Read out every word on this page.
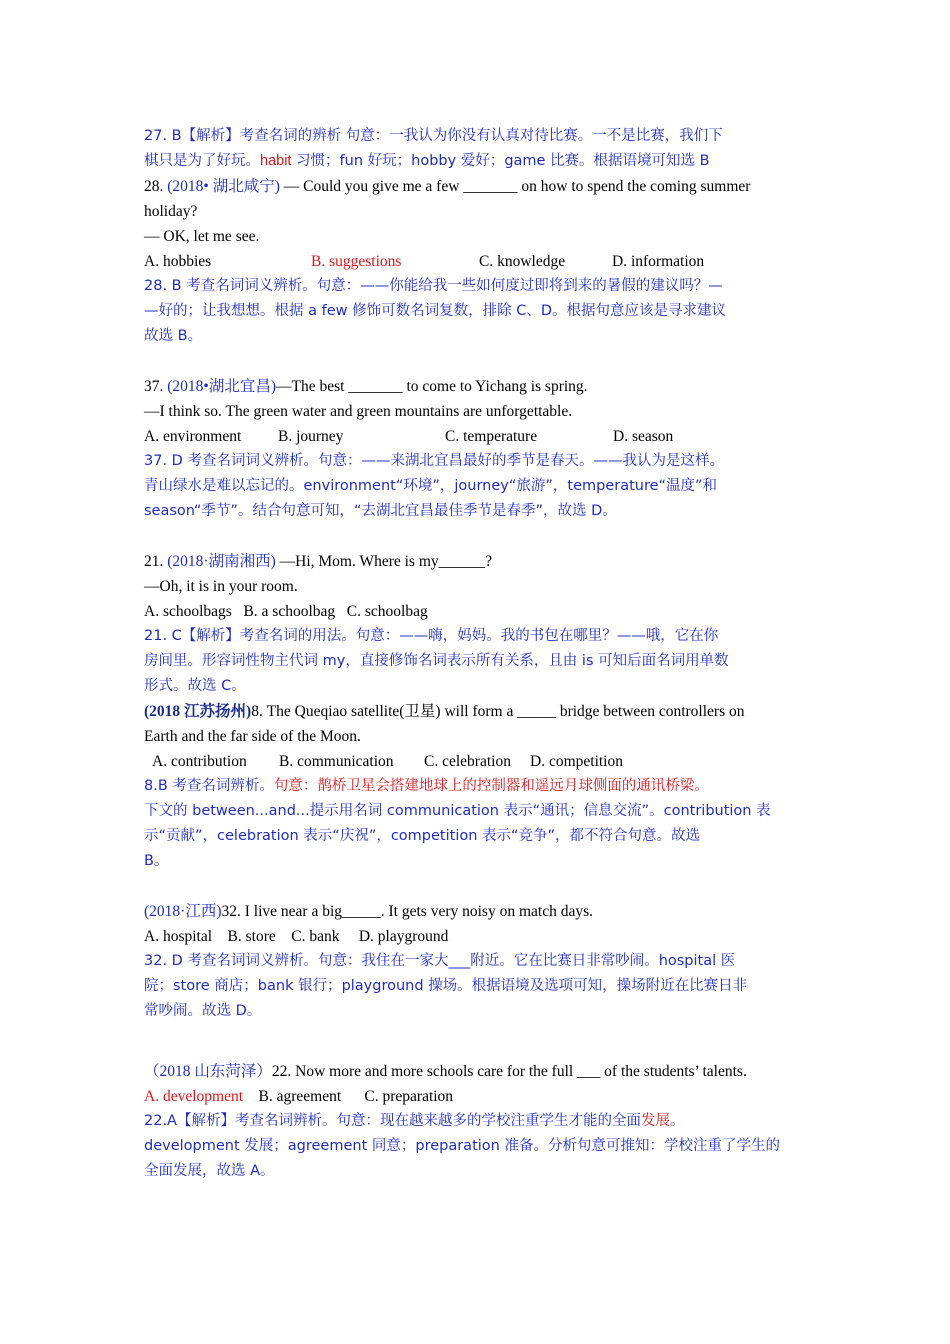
27. B【解析】考查名词的辨析 句意：一我认为你没有认真对待比赛。一不是比赛，我们下
棋只是为了好玩。habit 习惯；fun 好玩；hobby 爱好；game 比赛。根据语境可知选 B
28. (2018• 湖北咸宁) — Could you give me a few _______ on how to spend the coming summer
holiday?
— OK, let me see.
A. hobbies	B. suggestions	C. knowledge	D. information
28. B 考查名词词义辨析。句意：——你能给我一些如何度过即将到来的暑假的建议吗？—
—好的；让我想想。根据 a few 修饰可数名词复数，排除 C、D。根据句意应该是寻求建议
故选 B。
37. (2018•湖北宜昌)—The best _______ to come to Yichang is spring.
—I think so. The green water and green mountains are unforgettable.
A. environment B. journey	C. temperature	D. season
37. D 考查名词词义辨析。句意：——来湖北宜昌最好的季节是春天。——我认为是这样。
青山绿水是难以忘记的。environment“环境”，journey“旅游”，temperature“温度”和
season“季节”。结合句意可知，“去湖北宜昌最佳季节是春季”，故选 D。
21. (2018·湖南湘西) —Hi, Mom. Where is my______?
—Oh, it is in your room.
A. schoolbags   B. a schoolbag   C. schoolbag
21. C【解析】考查名词的用法。句意：——嗨，妈妈。我的书包在哪里？——哦，它在你
房间里。形容词性物主代词 my，直接修饰名词表示所有关系，且由 is 可知后面名词用单数
形式。故选 C。
(2018 江苏扬州)8. The Queqiao satellite(卫星) will form a _____ bridge between controllers on
Earth and the far side of the Moon.
A. contribution B. communication C. celebration D. competition
8.B 考查名词辨析。句意：鹊桥卫星会搭建地球上的控制器和遥远月球侧面的通讯桥梁。
下文的 between...and...提示用名词 communication 表示“通讯；信息交流”。contribution 表
示“贡献”，celebration 表示“庆祝”，competition 表示“竞争”，都不符合句意。故选
B。
(2018·江西)32. I live near a big_____. It gets very noisy on match days.
A. hospital    B. store    C. bank     D. playground
32. D 考查名词词义辨析。句意：我住在一家大___附近。它在比赛日非常吵闹。hospital 医
院；store 商店；bank 银行；playground 操场。根据语境及选项可知，操场附近在比赛日非
常吵闹。故选 D。
（2018 山东菏泽）22. Now more and more schools care for the full ___ of the students’ talents.
A. development    B. agreement      C. preparation
22.A【解析】考查名词辨析。句意：现在越来越多的学校注重学生才能的全面发展。
development 发展；agreement 同意；preparation 准备。分析句意可推知：学校注重了学生的
全面发展，故选 A。
